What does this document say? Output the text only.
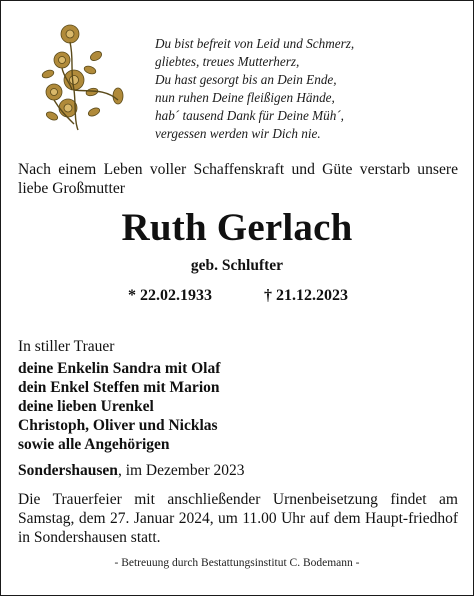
Du bist befreit von Leid und Schmerz,
gliebtes, treues Mutterherz,
Du hast gesorgt bis an Dein Ende,
nun ruhen Deine fleißigen Hände,
hab´ tausend Dank für Deine Müh´,
vergessen werden wir Dich nie.
Nach einem Leben voller Schaffenskraft und Güte verstarb unsere liebe Großmutter
Ruth Gerlach
geb. Schlufter
* 22.02.1933	† 21.12.2023
In stiller Trauer
deine Enkelin Sandra mit Olaf
dein Enkel Steffen mit Marion
deine lieben Urenkel
Christoph, Oliver und Nicklas
sowie alle Angehörigen
Sondershausen, im Dezember 2023
Die Trauerfeier mit anschließender Urnenbeisetzung findet am Samstag, dem 27. Januar 2024, um 11.00 Uhr auf dem Haupt-friedhof in Sondershausen statt.
- Betreuung durch Bestattungsinstitut C. Bodemann -
